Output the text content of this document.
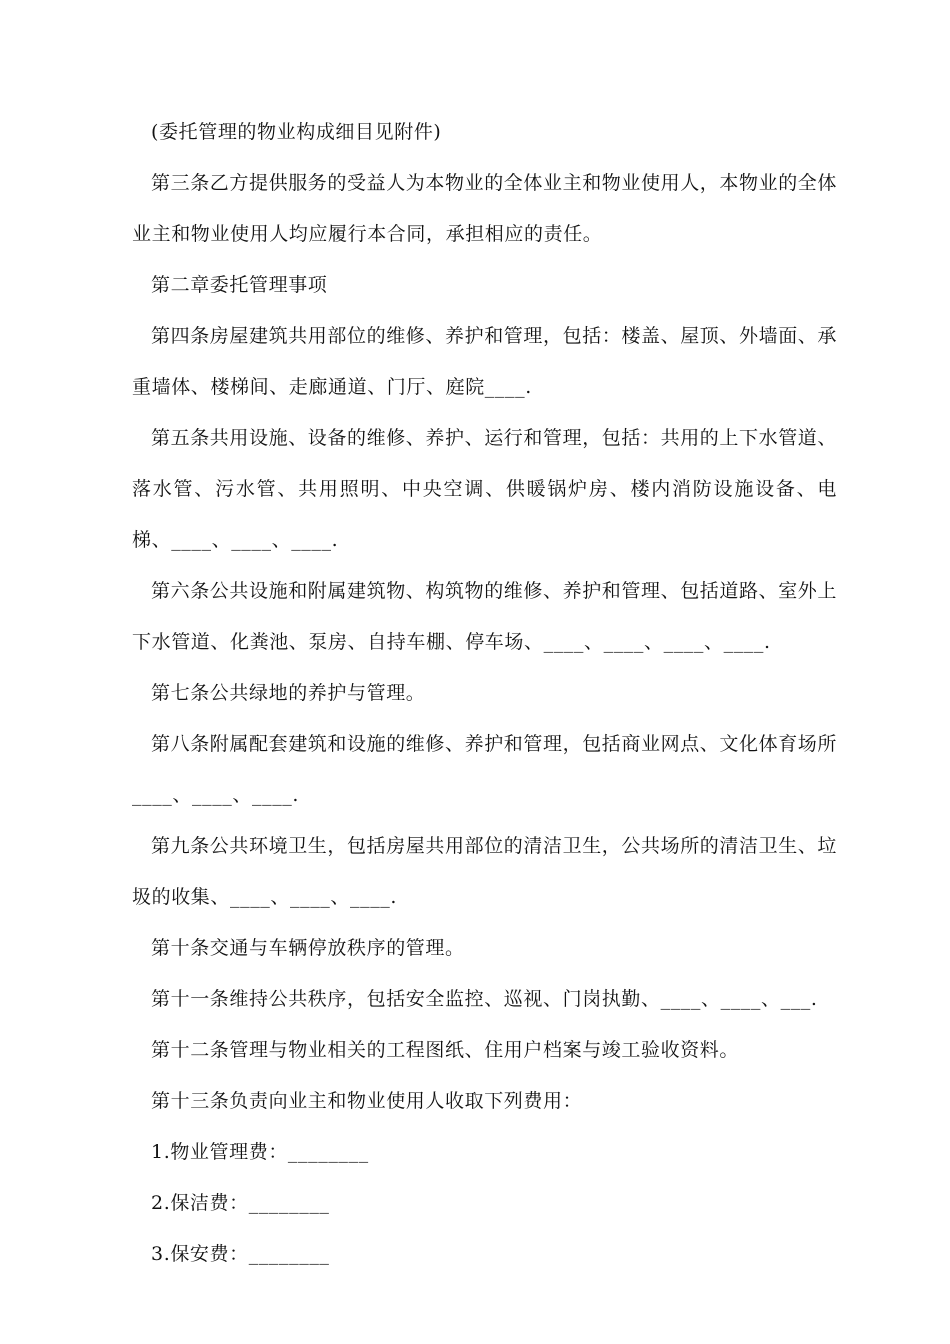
(委托管理的物业构成细目见附件)

第三条乙方提供服务的受益人为本物业的全体业主和物业使用人，本物业的全体业主和物业使用人均应履行本合同，承担相应的责任。

第二章委托管理事项

第四条房屋建筑共用部位的维修、养护和管理，包括：楼盖、屋顶、外墙面、承重墙体、楼梯间、走廊通道、门厅、庭院____.

第五条共用设施、设备的维修、养护、运行和管理，包括：共用的上下水管道、落水管、污水管、共用照明、中央空调、供暖锅炉房、楼内消防设施设备、电梯、____、____、____.

第六条公共设施和附属建筑物、构筑物的维修、养护和管理、包括道路、室外上下水管道、化粪池、泵房、自持车棚、停车场、____、____、____、____.

第七条公共绿地的养护与管理。

第八条附属配套建筑和设施的维修、养护和管理，包括商业网点、文化体育场所____、____、____.

第九条公共环境卫生，包括房屋共用部位的清洁卫生，公共场所的清洁卫生、垃圾的收集、____、____、____.

第十条交通与车辆停放秩序的管理。

第十一条维持公共秩序，包括安全监控、巡视、门岗执勤、____、____、___.

第十二条管理与物业相关的工程图纸、住用户档案与竣工验收资料。

第十三条负责向业主和物业使用人收取下列费用：

1.物业管理费：________

2.保洁费：________

3.保安费：________
